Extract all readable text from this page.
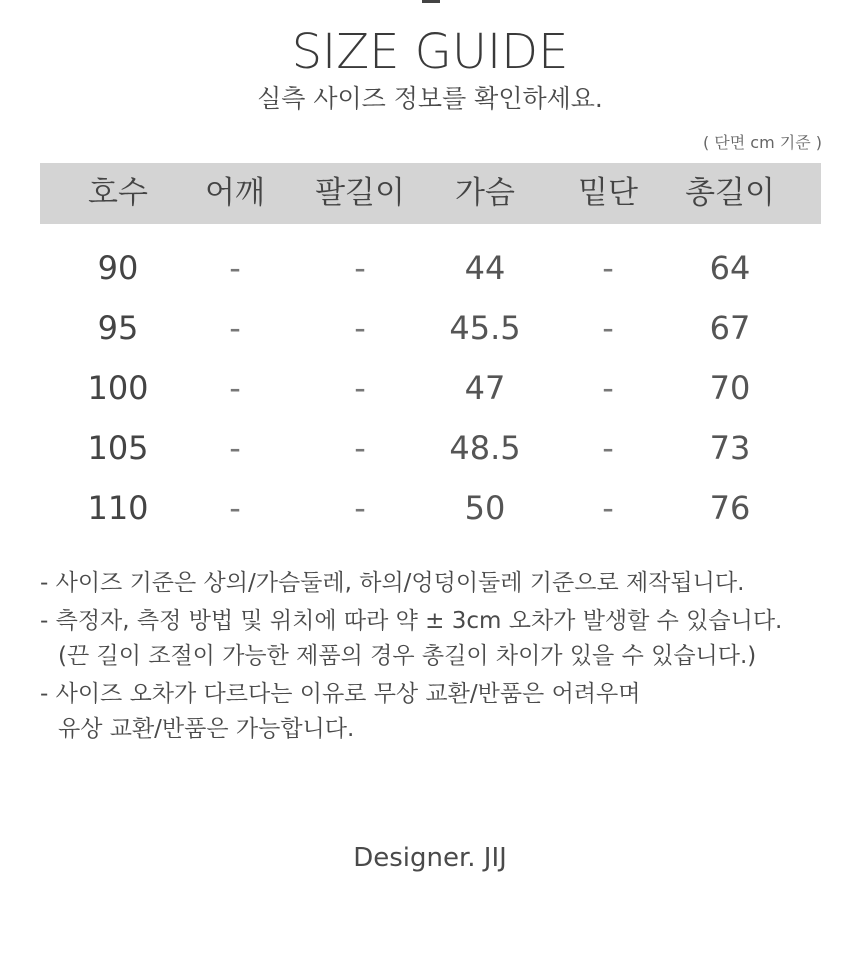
SIZE GUIDE
실측 사이즈 정보를 확인하세요.
( 단면 cm 기준 )
호수	어깨	팔길이	가슴	밑단	총길이
90	-	-	44	-	64
95	-	-	45.5	-	67
100	-	-	47	-	70
105	-	-	48.5	-	73
110	-	-	50	-	76
- 사이즈 기준은 상의/가슴둘레, 하의/엉덩이둘레 기준으로 제작됩니다.
- 측정자, 측정 방법 및 위치에 따라 약 ± 3cm 오차가 발생할 수 있습니다.
(끈 길이 조절이 가능한 제품의 경우 총길이 차이가 있을 수 있습니다.)
- 사이즈 오차가 다르다는 이유로 무상 교환/반품은 어려우며
유상 교환/반품은 가능합니다.
Designer. JIJ
